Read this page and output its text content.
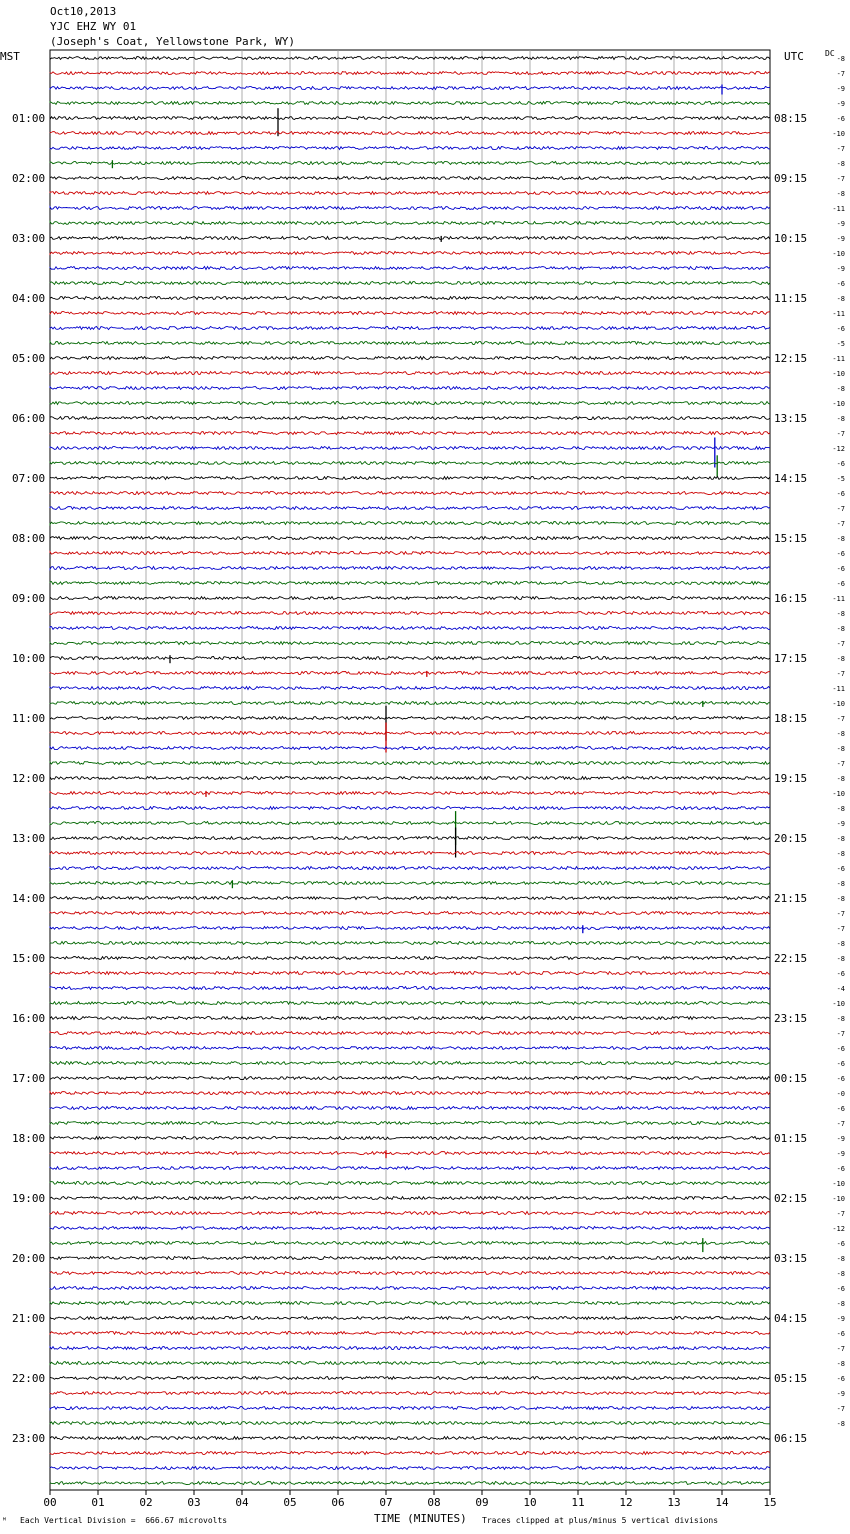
Oct10,2013
YJC EHZ WY 01
(Joseph's Coat, Yellowstone Park, WY)
MST	UTC	DC
01:00	08:15
02:00	09:15
03:00	10:15
04:00	11:15
05:00	12:15
06:00	13:15
07:00	14:15
08:00	15:15
09:00	16:15
10:00	17:15
11:00	18:15
12:00	19:15
13:00	20:15
14:00	21:15
15:00	22:15
16:00	23:15
17:00	00:15
18:00	01:15
19:00	02:15
20:00	03:15
21:00	04:15
22:00	05:15
23:00	06:15
-8
-7
-9
-9
-6
-10
-7
-8
-7
-8
-11
-9
-9
-10
-9
-6
-8
-11
-6
-5
-11
-10
-8
-10
-8
-7
-12
-6
-5
-6
-7
-7
-8
-6
-6
-6
-11
-8
-8
-7
-8
-7
-11
-10
-7
-8
-8
-7
-8
-10
-8
-9
-8
-8
-6
-8
-8
-7
-7
-8
-8
-6
-4
-10
-8
-7
-6
-6
-6
-0
-6
-7
-9
-9
-6
-10
-10
-7
-12
-6
-8
-8
-6
-8
-9
-6
-7
-8
-6
-9
-7
-8
00	01	02	03	04	05	06	07	08	09	10	11	12	13	14	15
ᴹ Each Vertical Division =  666.67 microvolts	TIME (MINUTES) Traces clipped at plus/minus 5 vertical divisions
